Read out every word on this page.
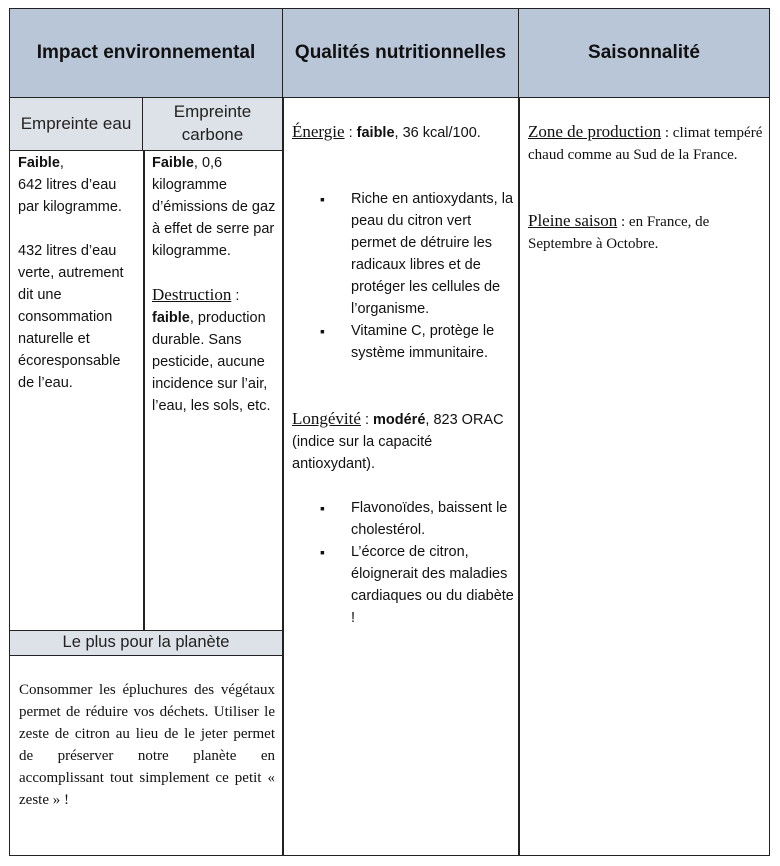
Impact environnemental	Qualités nutritionnelles	Saisonnalité
Empreinte eau
Empreinte carbone
Faible,
642 litres d’eau par kilogramme.
432 litres d’eau verte, autrement dit une consommation naturelle et écoresponsable de l’eau.
Faible, 0,6 kilogramme d’émissions de gaz à effet de serre par kilogramme.
Destruction :
faible, production durable. Sans pesticide, aucune incidence sur l’air, l’eau, les sols, etc.
Le plus pour la planète
Consommer les épluchures des végétaux permet de réduire vos déchets. Utiliser le zeste de citron au lieu de le jeter permet de préserver notre planète en accomplissant tout simplement ce petit « zeste » !
Énergie : faible, 36 kcal/100.
▪ Riche en antioxydants, la peau du citron vert permet de détruire les radicaux libres et de protéger les cellules de l’organisme.
▪ Vitamine C, protège le système immunitaire.
Longévité : modéré, 823 ORAC (indice sur la capacité antioxydant).
▪ Flavonoïdes, baissent le cholestérol.
▪ L’écorce de citron, éloignerait des maladies cardiaques ou du diabète !
Zone de production : climat tempéré chaud comme au Sud de la France.
Pleine saison : en France, de Septembre à Octobre.
